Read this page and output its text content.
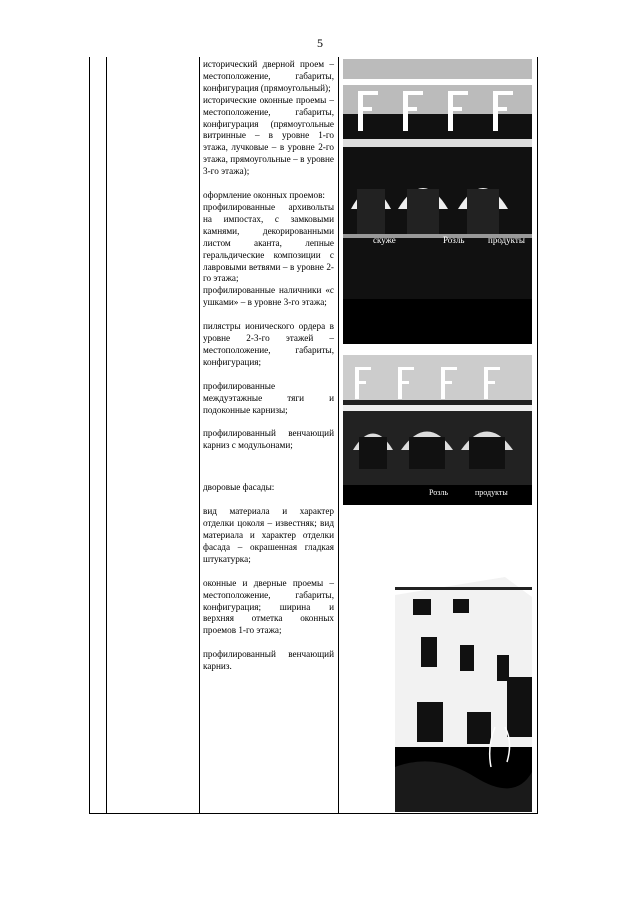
5
исторический дверной проем – местоположение, габариты, конфигурация (прямоугольный);
исторические оконные проемы – местоположение, габариты, конфигурация (прямоугольные витринные – в уровне 1-го этажа, лучковые – в уровне 2-го этажа, прямоугольные – в уровне 3-го этажа);
оформление оконных проемов:
профилированные архивольты на импостах, с замковыми камнями, декорированными листом аканта, лепные геральдические композиции с лавровыми ветвями – в уровне 2-го этажа;
профилированные наличники «с ушками» – в уровне 3-го этажа;
пилястры ионического ордера в уровне 2-3-го этажей – местоположение, габариты, конфигурация;
профилированные междуэтажные тяги и подоконные карнизы;
профилированный венчающий карниз с модульонами;
дворовые фасады:
вид материала и характер отделки цоколя – известняк; вид материала и характер отделки фасада – окрашенная гладкая штукатурка;
оконные и дверные проемы – местоположение, габариты, конфигурация; ширина и верхняя отметка оконных проемов 1-го этажа;
профилированный венчающий карниз.
скуже	Розль	продукты
Розль	продукты
